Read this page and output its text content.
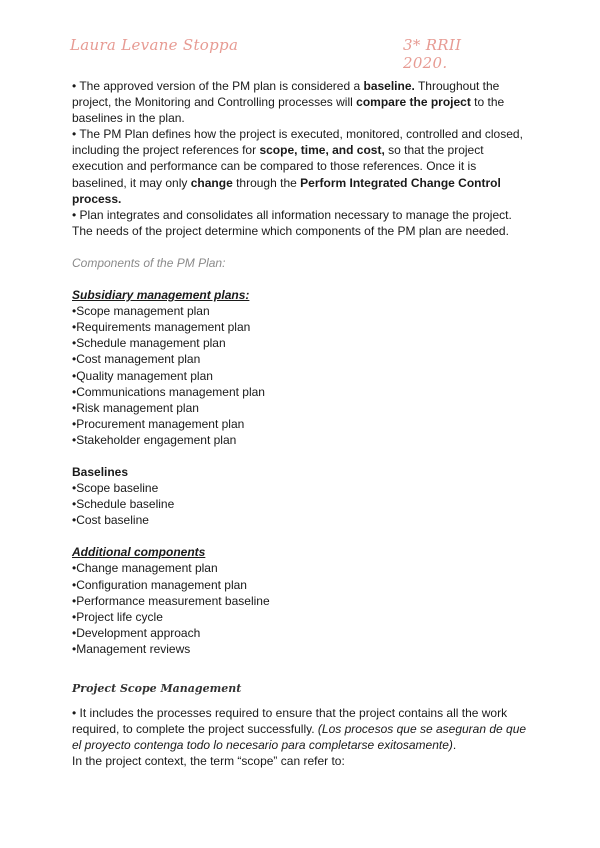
Laura Levane Stoppa	3* RRII 2020.

• The approved version of the PM plan is considered a baseline. Throughout the project, the Monitoring and Controlling processes will compare the project to the baselines in the plan.

• The PM Plan defines how the project is executed, monitored, controlled and closed, including the project references for scope, time, and cost, so that the project execution and performance can be compared to those references. Once it is baselined, it may only change through the Perform Integrated Change Control process.

• Plan integrates and consolidates all information necessary to manage the project. The needs of the project determine which components of the PM plan are needed.

Components of the PM Plan:

Subsidiary management plans:

•Scope management plan
•Requirements management plan
•Schedule management plan
•Cost management plan
•Quality management plan
•Communications management plan
•Risk management plan
•Procurement management plan
•Stakeholder engagement plan

Baselines

•Scope baseline
•Schedule baseline
•Cost baseline

Additional components

•Change management plan
•Configuration management plan
•Performance measurement baseline
•Project life cycle
•Development approach
•Management reviews

Project Scope Management

• It includes the processes required to ensure that the project contains all the work required, to complete the project successfully. (Los procesos que se aseguran de que el proyecto contenga todo lo necesario para completarse exitosamente).

In the project context, the term “scope” can refer to:
